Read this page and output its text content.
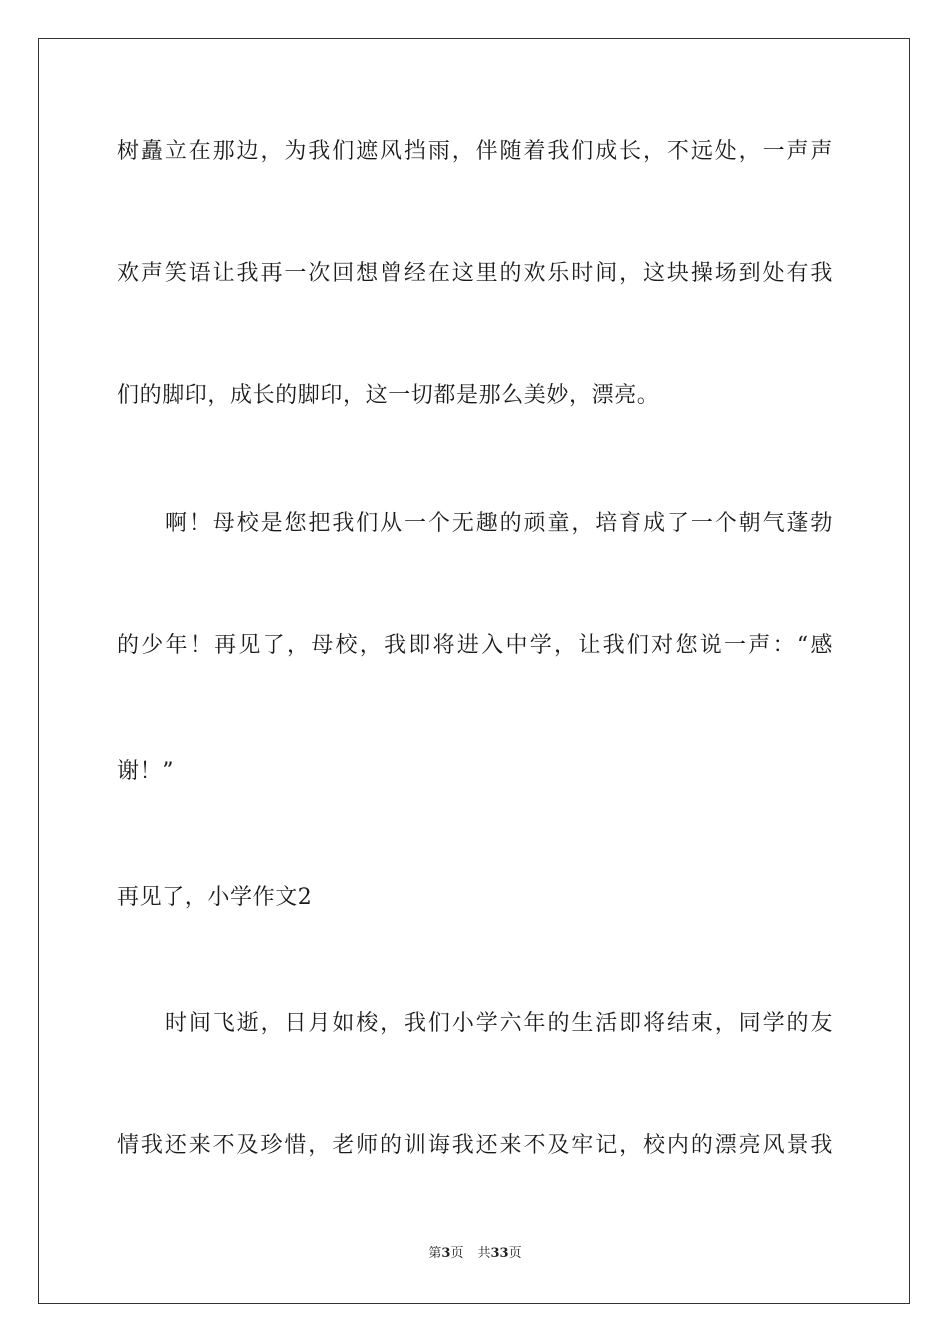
树矗立在那边，为我们遮风挡雨，伴随着我们成长，不远处，一声声
欢声笑语让我再一次回想曾经在这里的欢乐时间，这块操场到处有我
们的脚印，成长的脚印，这一切都是那么美妙，漂亮。
啊！母校是您把我们从一个无趣的顽童，培育成了一个朝气蓬勃
的少年！再见了，母校，我即将进入中学，让我们对您说一声：“感
谢！”
再见了，小学作文2
时间飞逝，日月如梭，我们小学六年的生活即将结束，同学的友
情我还来不及珍惜，老师的训诲我还来不及牢记，校内的漂亮风景我
第3页 共33页
